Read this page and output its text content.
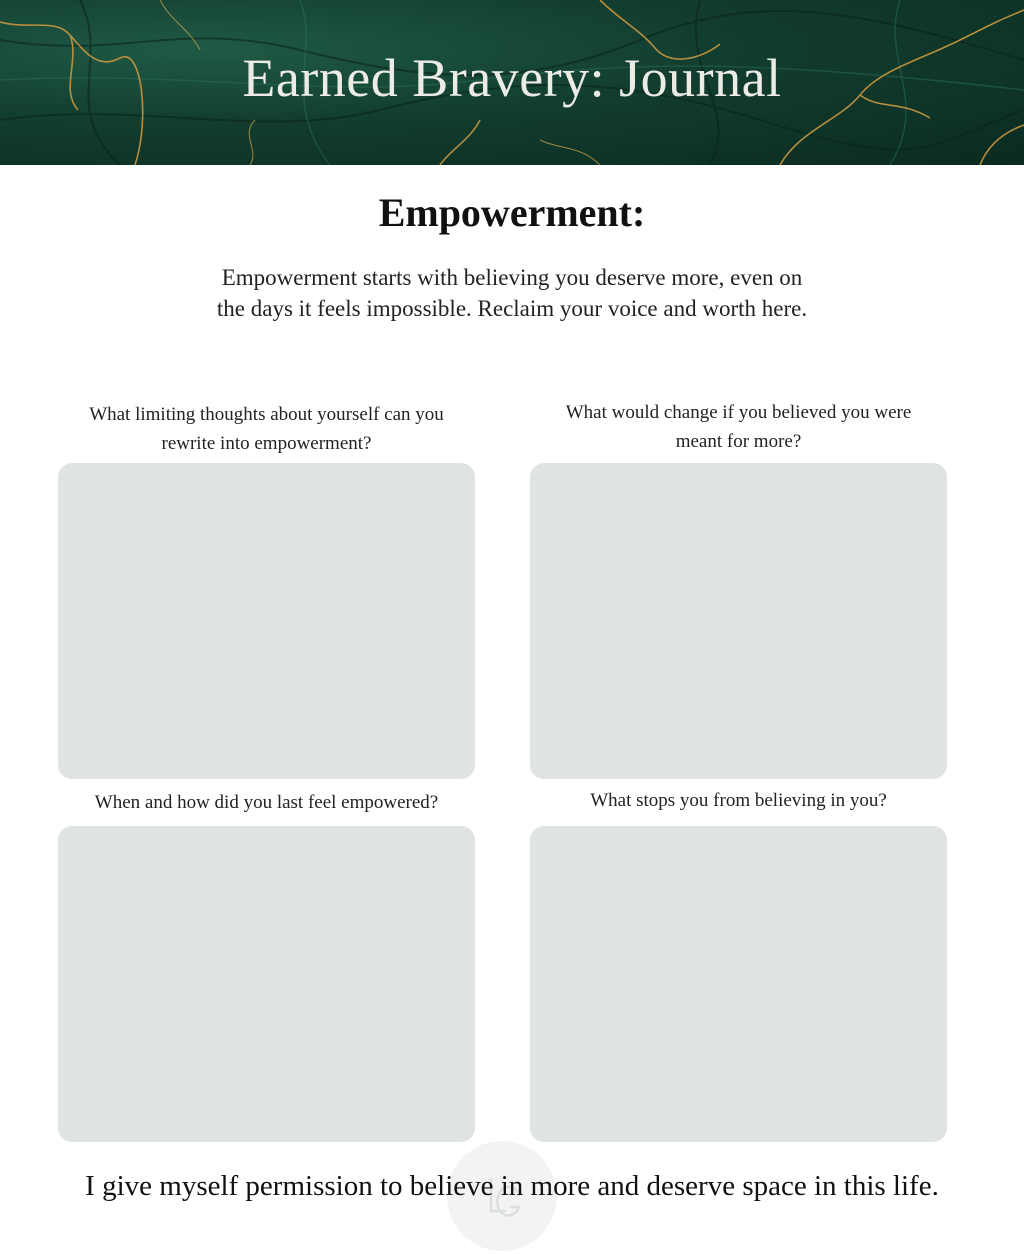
Earned Bravery: Journal
Empowerment:
Empowerment starts with believing you deserve more, even on
the days it feels impossible. Reclaim your voice and worth here.
What limiting thoughts about yourself can you
rewrite into empowerment?
What would change if you believed you were
meant for more?
When and how did you last feel empowered?	What stops you from believing in you?
I give myself permission to believe in more and deserve space in this life.
